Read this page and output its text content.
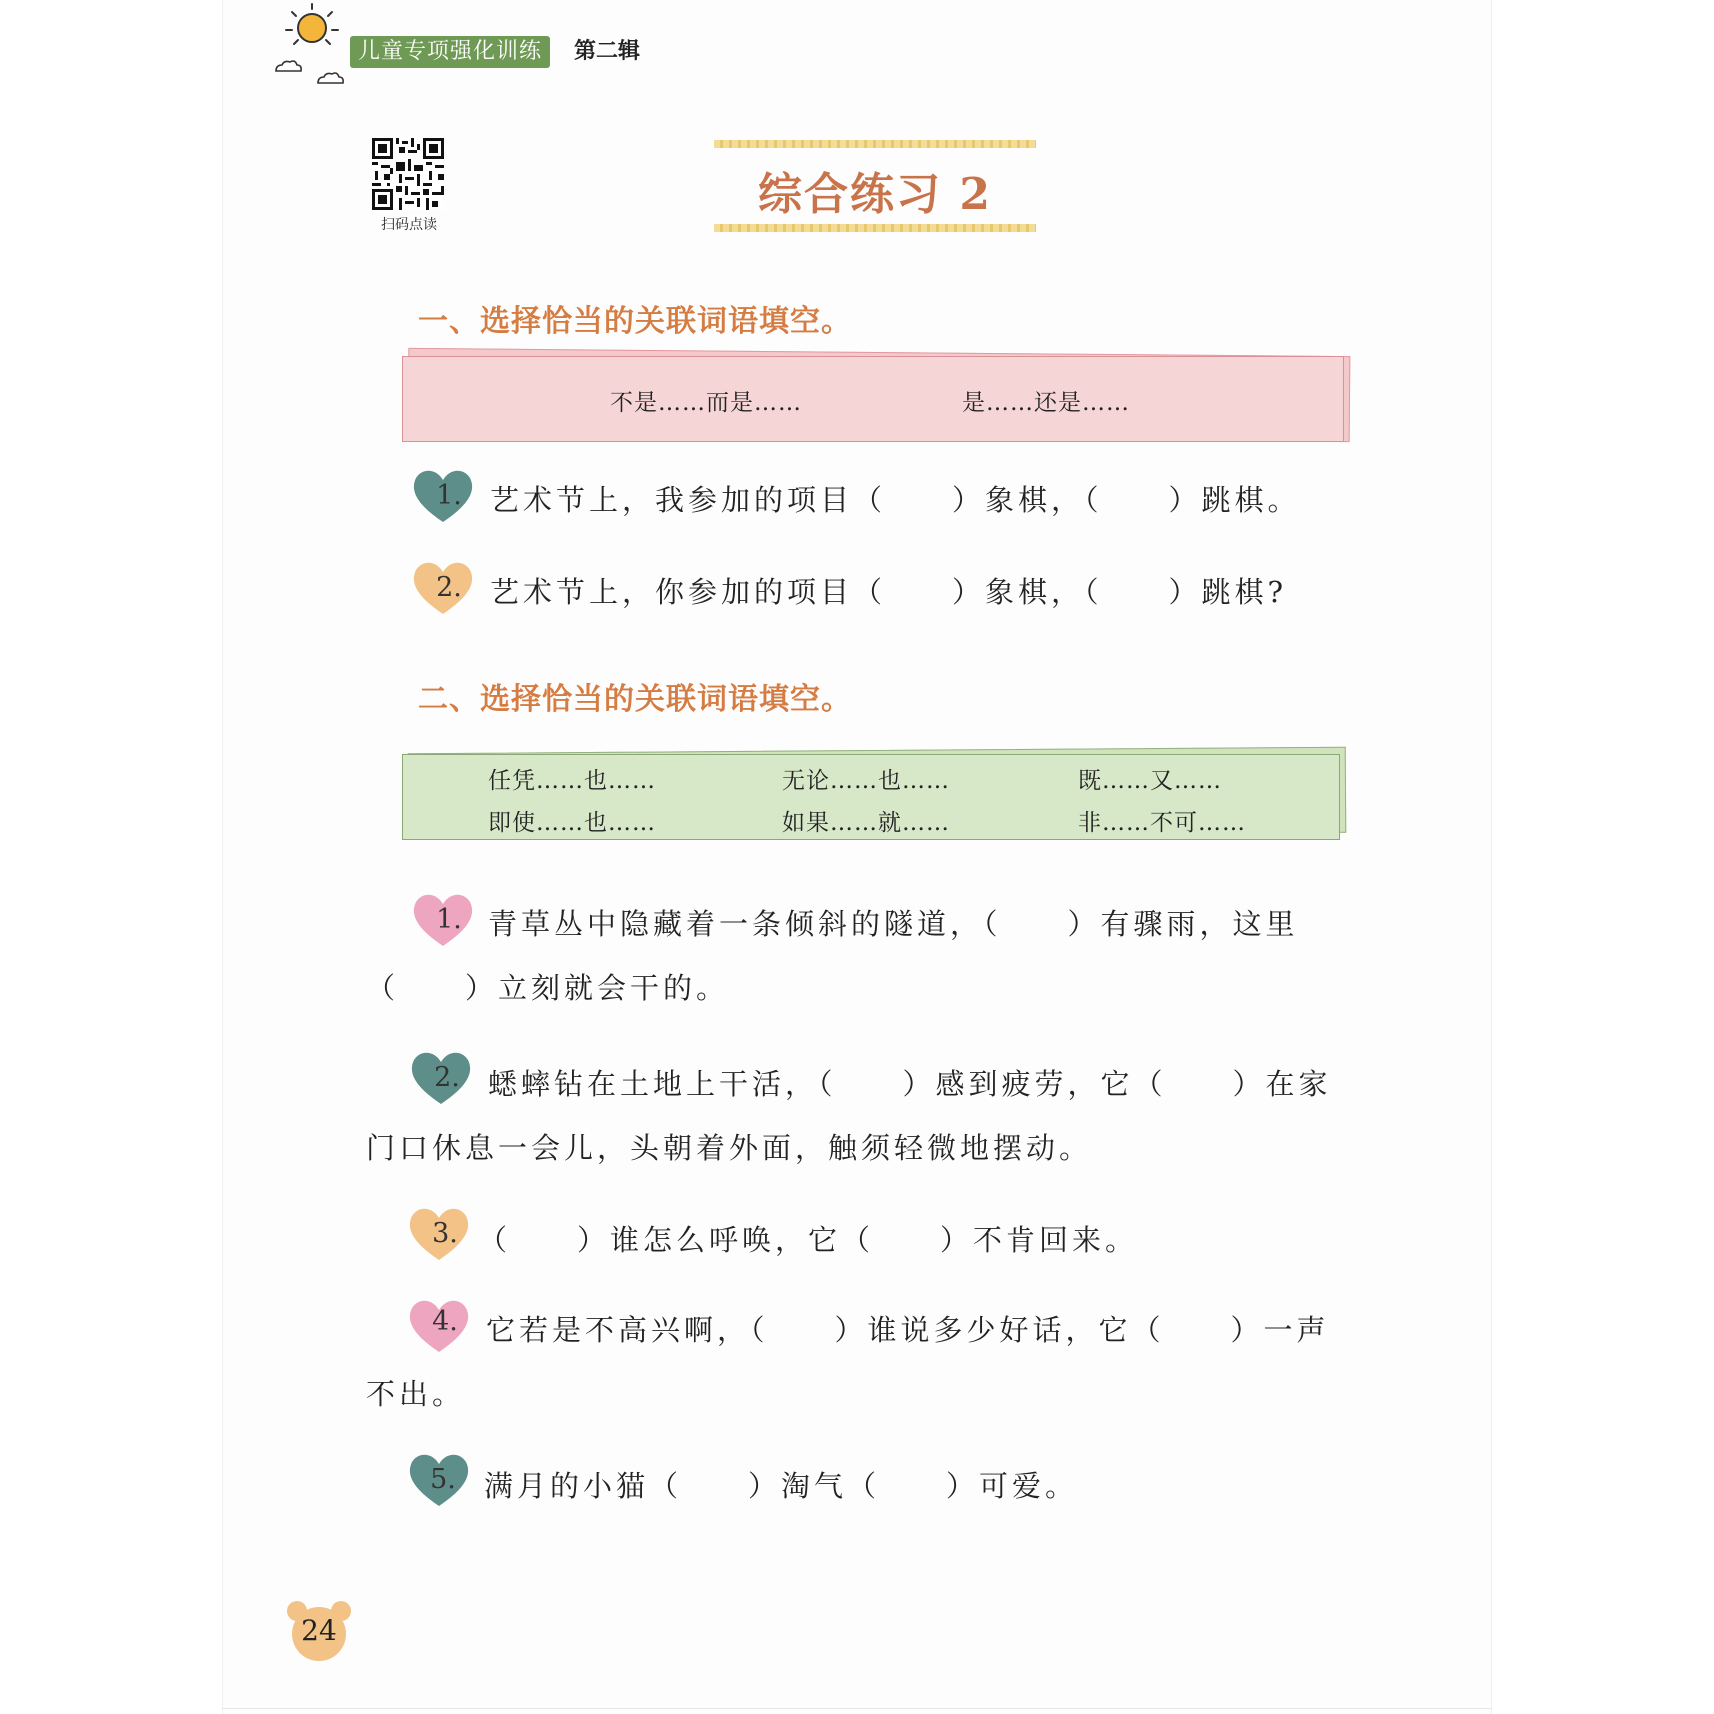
儿童专项强化训练	第二辑
扫码点读
综合练习 2
一、选择恰当的关联词语填空。
不是……而是……	是……还是……
1. 艺术节上，我参加的项目（　　）象棋，（　　）跳棋。
2. 艺术节上，你参加的项目（　　）象棋，（　　）跳棋?
二、选择恰当的关联词语填空。
任凭……也……	无论……也……	既……又……
即使……也……	如果……就……	非……不可……
1. 青草丛中隐藏着一条倾斜的隧道，（　　）有骤雨，这里
（　　）立刻就会干的。
2. 蟋蟀钻在土地上干活，（　　）感到疲劳，它（　　）在家
门口休息一会儿，头朝着外面，触须轻微地摆动。
3. （　　）谁怎么呼唤，它（　　）不肯回来。
4. 它若是不高兴啊，（　　）谁说多少好话，它（　　）一声
不出。
5. 满月的小猫（　　）淘气（　　）可爱。
24
